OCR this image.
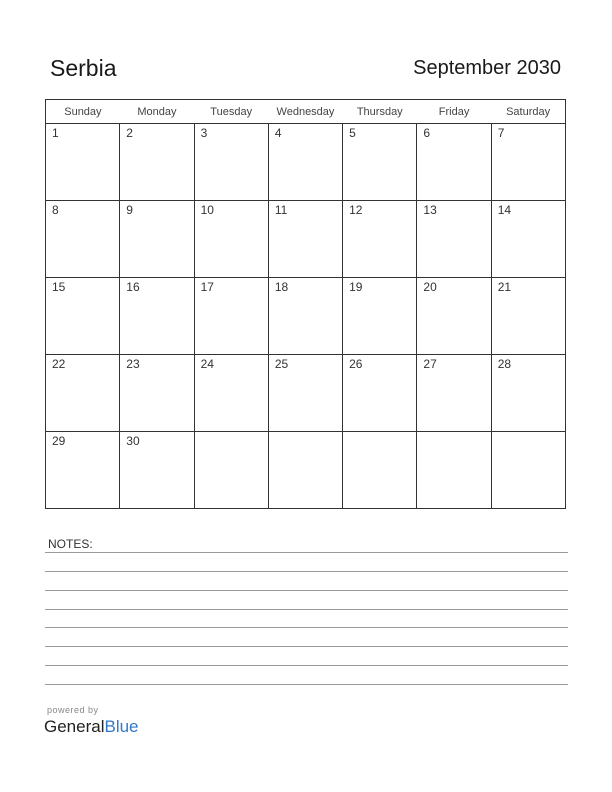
Serbia	September 2030
Sunday	Monday	Tuesday	Wednesday	Thursday	Friday	Saturday

1	2	3	4	5	6	7

8	9	10	11	12	13	14

15	16	17	18	19	20	21

22	23	24	25	26	27	28

29	30					

NOTES:
powered by
GeneralBlue
